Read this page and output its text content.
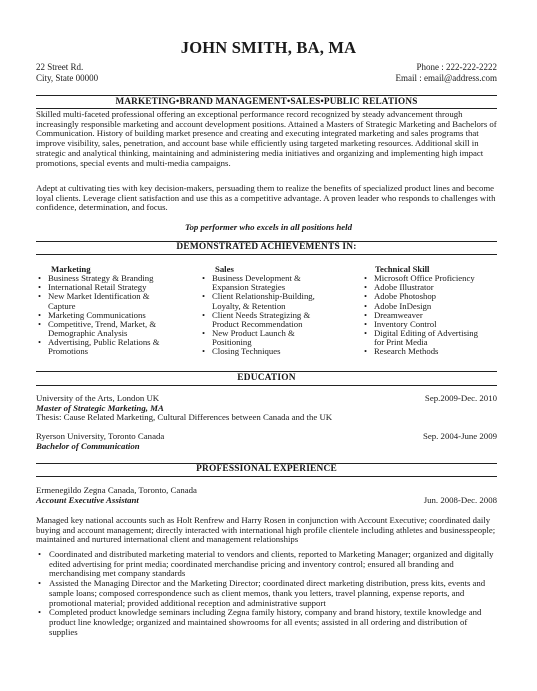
JOHN SMITH, BA, MA
22 Street Rd.
City, State 00000
Phone : 222-222-2222
Email : email@address.com
MARKETING•BRAND MANAGEMENT•SALES•PUBLIC RELATIONS
Skilled multi-faceted professional offering an exceptional performance record recognized by steady advancement through increasingly responsible marketing and account development positions. Attained a Masters of Strategic Marketing and Bachelors of Communication. History of building market presence and creating and executing integrated marketing and sales programs that improve visibility, sales, penetration, and account base while efficiently using targeted marketing resources. Additional skill in strategic and analytical thinking, maintaining and administering media initiatives and organizing and implementing high impact promotions, special events and multi-media campaigns.
Adept at cultivating ties with key decision-makers, persuading them to realize the benefits of specialized product lines and become loyal clients. Leverage client satisfaction and use this as a competitive advantage. A proven leader who responds to challenges with confidence, determination, and focus.
Top performer who excels in all positions held
DEMONSTRATED ACHIEVEMENTS IN:
Marketing
• Business Strategy & Branding
• International Retail Strategy
• New Market Identification &
Capture
• Marketing Communications
• Competitive, Trend, Market, &
Demographic Analysis
• Advertising, Public Relations &
Promotions
Sales
• Business Development &
Expansion Strategies
• Client Relationship-Building,
Loyalty, & Retention
• Client Needs Strategizing &
Product Recommendation
• New Product Launch &
Positioning
• Closing Techniques
Technical Skill
• Microsoft Office Proficiency
• Adobe Illustrator
• Adobe Photoshop
• Adobe InDesign
• Dreamweaver
• Inventory Control
• Digital Editing of Advertising
for Print Media
• Research Methods
EDUCATION
University of the Arts, London UK	Sep.2009-Dec. 2010
Master of Strategic Marketing, MA
Thesis: Cause Related Marketing, Cultural Differences between Canada and the UK
Ryerson University, Toronto Canada	Sep. 2004-June 2009
Bachelor of Communication
PROFESSIONAL EXPERIENCE
Ermenegildo Zegna Canada, Toronto, Canada
Jun. 2008-Dec. 2008
Account Executive Assistant
Managed key national accounts such as Holt Renfrew and Harry Rosen in conjunction with Account Executive; coordinated daily buying and account management; directly interacted with international high profile clientele including athletes and businesspeople; maintained and nurtured international client and management relationships
• Coordinated and distributed marketing material to vendors and clients, reported to Marketing Manager; organized and digitally edited advertising for print media; coordinated merchandise pricing and inventory control; ensured all branding and merchandising met company standards
• Assisted the Managing Director and the Marketing Director; coordinated direct marketing distribution, press kits, events and sample loans; composed correspondence such as client memos, thank you letters, travel planning, expense reports, and promotional material; provided additional reception and administrative support
• Completed product knowledge seminars including Zegna family history, company and brand history, textile knowledge and product line knowledge; organized and maintained showrooms for all events; assisted in all ordering and distribution of supplies
